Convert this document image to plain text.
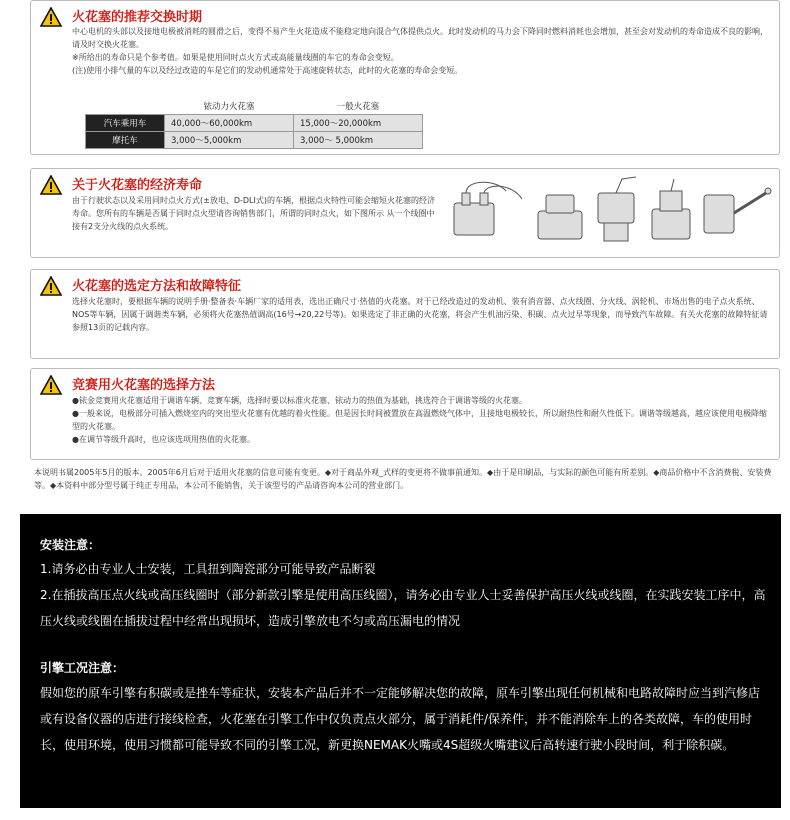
火花塞的推荐交换时期

中心电机的头部以及接地电极被消耗的圆滑之后，变得不易产生火花造成不能稳定地向混合气体提供点火。此时发动机的马力会下降同时燃料消耗也会增加，甚至会对发动机的寿命造成不良的影响，请及时交换火花塞。

※所给出的寿命只是个参考值。如果是使用同时点火方式或高能量线圈的车它的寿命会变短。

(注)使用小排气量的车以及经过改造的车是它们的发动机通常处于高速旋转状态，此时的火花塞的寿命会变短。

	铱动力火花塞	一般火花塞
汽车乘用车	40,000～60,000km	15,000～20,000km
摩托车	3,000～5,000km	3,000～ 5,000km
关于火花塞的经济寿命

由于行驶状态以及采用同时点火方式(±放电、D-DLI式)的车辆，根据点火特性可能会缩短火花塞的经济寿命。您所有的车辆是否属于同时点火型请咨询销售部门，所谓的同时点火，如下图所示 从一个线圈中接有2支分火线的点火系统。

火花塞的选定方法和故障特征

选择火花塞时，要根据车辆的说明手册·整备表·车辆厂家的适用表，选出正确尺寸·热值的火花塞。对于已经改造过的发动机、装有消音器、点火线圈、分火线、涡轮机、市场出售的电子点火系统、NOS等车辆，因属于调谐类车辆，必须将火花塞热值调高(16号→20,22号等)。如果选定了非正确的火花塞，将会产生机油污染、积碳、点火过早等现象，而导致汽车故障。有关火花塞的故障特征请参照13页的记载内容。

竞赛用火花塞的选择方法

●铱金竞赛用火花塞适用于调谐车辆、竞赛车辆，选择时要以标准火花塞、铱动力的热值为基础，挑选符合于调谐等级的火花塞。

●一般来说，电极部分可插入燃烧室内的突出型火花塞有优越的着火性能。但是因长时间被置放在高温燃烧气体中，且接地电极较长，所以耐热性和耐久性低下。调谐等级越高，越应该使用电极降缩型的火花塞。

●在调节等级升高时，也应该选项用热值的火花塞。

本说明书属2005年5月的版本。2005年6月后对于适用火花塞的信息可能有变更。◆对于商品外观_式样的变更将不做事前通知。◆由于是印刷品，与实际的颜色可能有所差别。◆商品价格中不含消费税、安装费等。◆本资料中部分型号属于纯正专用品，本公司不能销售，关于该型号的产品请咨询本公司的营业部门。
安装注意：
1.请务必由专业人士安装，工具扭到陶瓷部分可能导致产品断裂
2.在插拔高压点火线或高压线圈时（部分新款引擎是使用高压线圈），请务必由专业人士妥善保护高压火线或线圈，在实践安装工序中，高压火线或线圈在插拔过程中经常出现损坏，造成引擎放电不匀或高压漏电的情况
引擎工况注意：
假如您的原车引擎有积碳或是挫车等症状，安装本产品后并不一定能够解决您的故障，原车引擎出现任何机械和电路故障时应当到汽修店或有设备仪器的店进行接线检查，火花塞在引擎工作中仅负责点火部分，属于消耗件/保养件，并不能消除车上的各类故障，车的使用时长，使用环境，使用习惯都可能导致不同的引擎工况，新更换NEMAK火嘴或4S超级火嘴建议后高转速行驶小段时间，利于除积碳。
